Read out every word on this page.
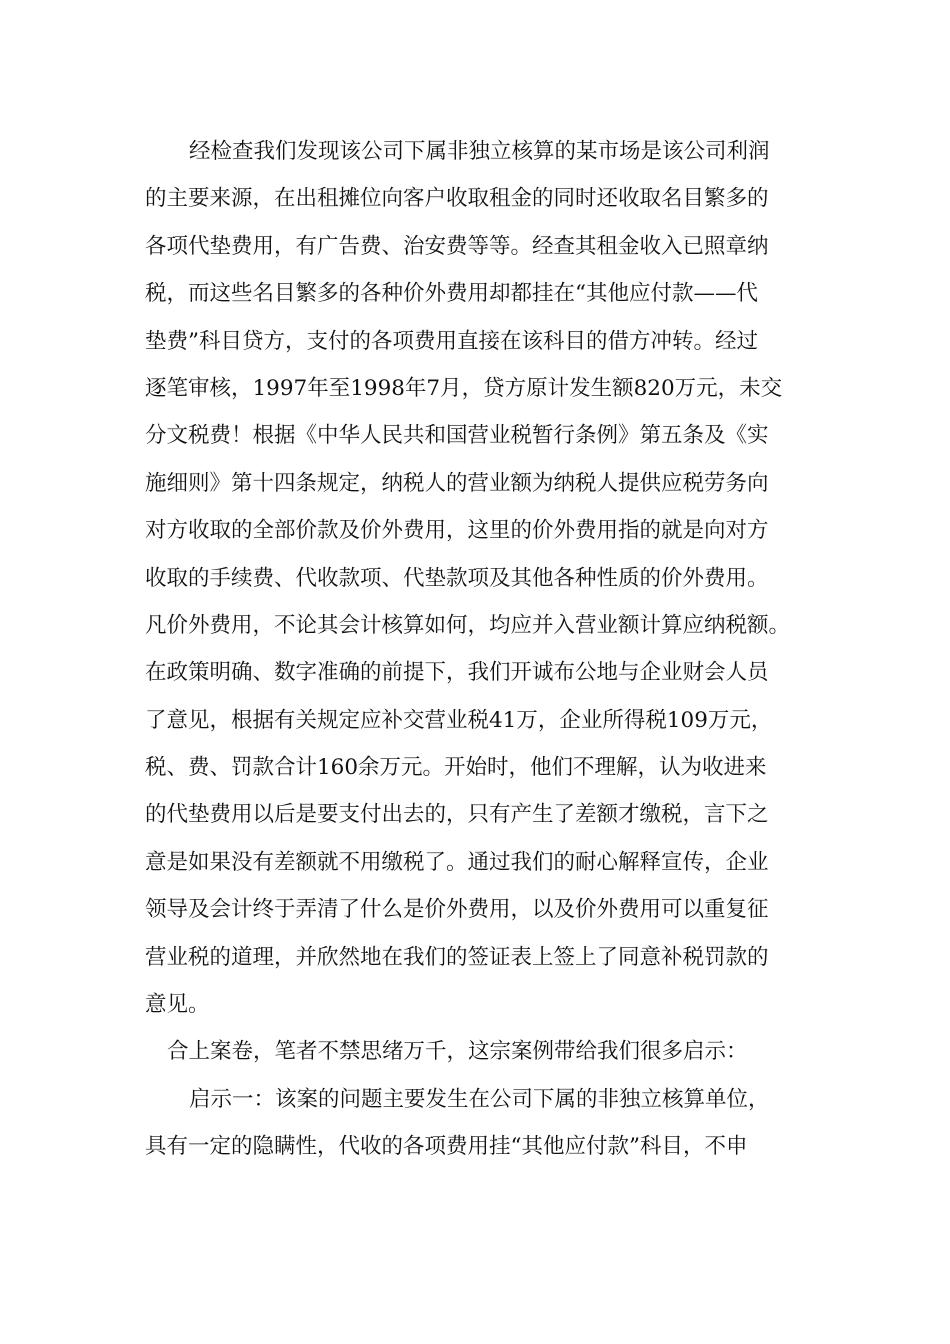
经检查我们发现该公司下属非独立核算的某市场是该公司利润
的主要来源，在出租摊位向客户收取租金的同时还收取名目繁多的
各项代垫费用，有广告费、治安费等等。经查其租金收入已照章纳
税，而这些名目繁多的各种价外费用却都挂在“其他应付款——代
垫费”科目贷方，支付的各项费用直接在该科目的借方冲转。经过
逐笔审核，1997年至1998年7月，贷方原计发生额820万元，未交
分文税费！根据《中华人民共和国营业税暂行条例》第五条及《实
施细则》第十四条规定，纳税人的营业额为纳税人提供应税劳务向
对方收取的全部价款及价外费用，这里的价外费用指的就是向对方
收取的手续费、代收款项、代垫款项及其他各种性质的价外费用。
凡价外费用，不论其会计核算如何，均应并入营业额计算应纳税额。
在政策明确、数字准确的前提下，我们开诚布公地与企业财会人员
了意见，根据有关规定应补交营业税41万，企业所得税109万元，
税、费、罚款合计160余万元。开始时，他们不理解，认为收进来
的代垫费用以后是要支付出去的，只有产生了差额才缴税，言下之
意是如果没有差额就不用缴税了。通过我们的耐心解释宣传，企业
领导及会计终于弄清了什么是价外费用，以及价外费用可以重复征
营业税的道理，并欣然地在我们的签证表上签上了同意补税罚款的
意见。
合上案卷，笔者不禁思绪万千，这宗案例带给我们很多启示：
启示一：该案的问题主要发生在公司下属的非独立核算单位，
具有一定的隐瞒性，代收的各项费用挂“其他应付款”科目，不申
